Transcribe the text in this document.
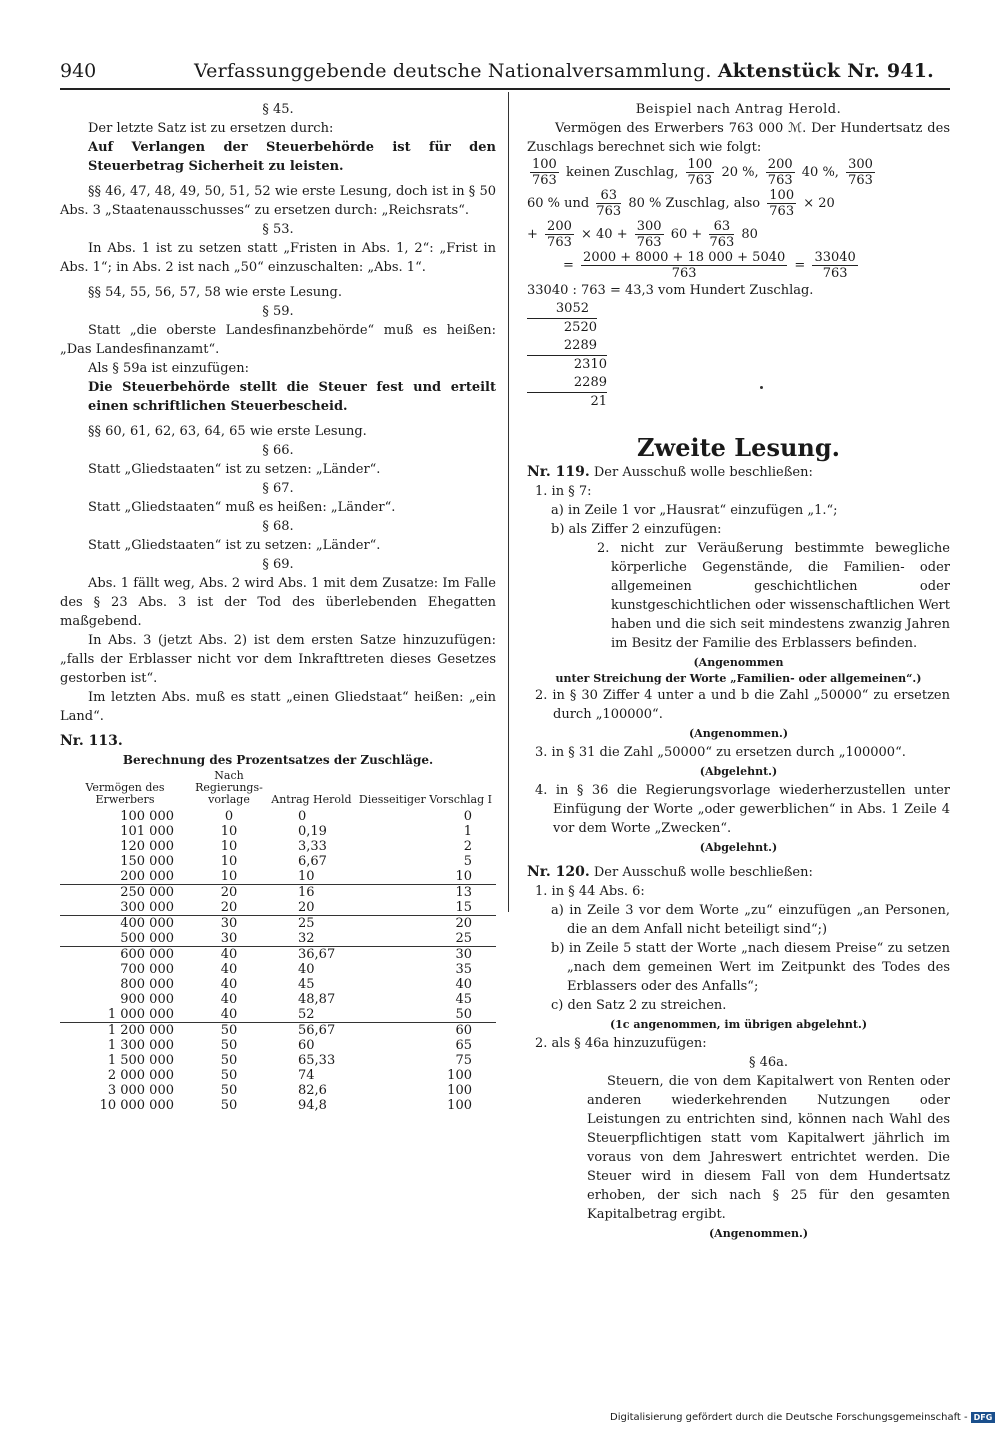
940	Verfassunggebende deutsche Nationalversammlung. Aktenstück Nr. 941.

§ 45.

Der letzte Satz ist zu ersetzen durch:

Auf Verlangen der Steuerbehörde ist für den Steuerbetrag Sicherheit zu leisten.

§§ 46, 47, 48, 49, 50, 51, 52 wie erste Lesung, doch ist in § 50 Abs. 3 „Staatenausschusses“ zu ersetzen durch: „Reichsrats“.

§ 53.

In Abs. 1 ist zu setzen statt „Fristen in Abs. 1, 2“: „Frist in Abs. 1“; in Abs. 2 ist nach „50“ einzuschalten: „Abs. 1“.

§§ 54, 55, 56, 57, 58 wie erste Lesung.

§ 59.

Statt „die oberste Landesfinanzbehörde“ muß es heißen: „Das Landesfinanzamt“.

Als § 59a ist einzufügen:

Die Steuerbehörde stellt die Steuer fest und erteilt einen schriftlichen Steuerbescheid.

§§ 60, 61, 62, 63, 64, 65 wie erste Lesung.

§ 66.

Statt „Gliedstaaten“ ist zu setzen: „Länder“.

§ 67.

Statt „Gliedstaaten“ muß es heißen: „Länder“.

§ 68.

Statt „Gliedstaaten“ ist zu setzen: „Länder“.

§ 69.

Abs. 1 fällt weg, Abs. 2 wird Abs. 1 mit dem Zusatze: Im Falle des § 23 Abs. 3 ist der Tod des überlebenden Ehegatten maßgebend.

In Abs. 3 (jetzt Abs. 2) ist dem ersten Satze hinzuzufügen: „falls der Erblasser nicht vor dem Inkrafttreten dieses Gesetzes gestorben ist“.

Im letzten Abs. muß es statt „einen Gliedstaat“ heißen: „ein Land“.

Nr. 113.

Berechnung des Prozentsatzes der Zuschläge.

Vermögen des Erwerbers	Nach Regierungs- vorlage	Antrag Herold	Diesseitiger Vorschlag I
100 000	0	0	0
101 000	10	0,19	1
120 000	10	3,33	2
150 000	10	6,67	5
200 000	10	10	10
250 000	20	16	13
300 000	20	20	15
400 000	30	25	20
500 000	30	32	25
600 000	40	36,67	30
700 000	40	40	35
800 000	40	45	40
900 000	40	48,87	45
1 000 000	40	52	50
1 200 000	50	56,67	60
1 300 000	50	60	65
1 500 000	50	65,33	75
2 000 000	50	74	100
3 000 000	50	82,6	100
10 000 000	50	94,8	100

Beispiel nach Antrag Herold.

Vermögen des Erwerbers 763 000 ℳ. Der Hundertsatz des Zuschlags berechnet sich wie folgt:

$\frac{100}{763}$ keinen Zuschlag, $\frac{100}{763} 20$ %, $\frac{200}{763} 40$ %, $\frac{300}{763}$
60 % und $\frac{63}{763} 80$ % Zuschlag, also $\frac{100}{763} \times 20$
+ $\frac{200}{763} \times 40 + \frac{300}{763} 60 + \frac{63}{763} 80$
= $\frac{2000 + 8000 + 18 000 + 5040}{763} = \frac{33040}{763}$

33040 : 763 = 43,3 vom Hundert Zuschlag.

3052
2520
2289
2310
2289
21

Zweite Lesung.

Nr. 119. Der Ausschuß wolle beschließen:

1. in § 7:

a) in Zeile 1 vor „Hausrat“ einzufügen „1.“;

b) als Ziffer 2 einzufügen:

2. nicht zur Veräußerung bestimmte bewegliche körperliche Gegenstände, die Familien- oder allgemeinen geschichtlichen oder kunstgeschichtlichen oder wissenschaftlichen Wert haben und die sich seit mindestens zwanzig Jahren im Besitz der Familie des Erblassers befinden.

(Angenommen

unter Streichung der Worte „Familien- oder allgemeinen“.)

2. in § 30 Ziffer 4 unter a und b die Zahl „50000“ zu ersetzen durch „100000“.

(Angenommen.)

3. in § 31 die Zahl „50000“ zu ersetzen durch „100000“.

(Abgelehnt.)

4. in § 36 die Regierungsvorlage wiederherzustellen unter Einfügung der Worte „oder gewerblichen“ in Abs. 1 Zeile 4 vor dem Worte „Zwecken“.

(Abgelehnt.)

Nr. 120. Der Ausschuß wolle beschließen:

1. in § 44 Abs. 6:

a) in Zeile 3 vor dem Worte „zu“ einzufügen „an Personen, die an dem Anfall nicht beteiligt sind“;)

b) in Zeile 5 statt der Worte „nach diesem Preise“ zu setzen „nach dem gemeinen Wert im Zeitpunkt des Todes des Erblassers oder des Anfalls“;

c) den Satz 2 zu streichen.

(1c angenommen, im übrigen abgelehnt.)

2. als § 46a hinzuzufügen:

§ 46a.

Steuern, die von dem Kapitalwert von Renten oder anderen wiederkehrenden Nutzungen oder Leistungen zu entrichten sind, können nach Wahl des Steuerpflichtigen statt vom Kapitalwert jährlich im voraus von dem Jahreswert entrichtet werden. Die Steuer wird in diesem Fall von dem Hundertsatz erhoben, der sich nach § 25 für den gesamten Kapitalbetrag ergibt.

(Angenommen.)

Digitalisierung gefördert durch die Deutsche Forschungsgemeinschaft - DFG
